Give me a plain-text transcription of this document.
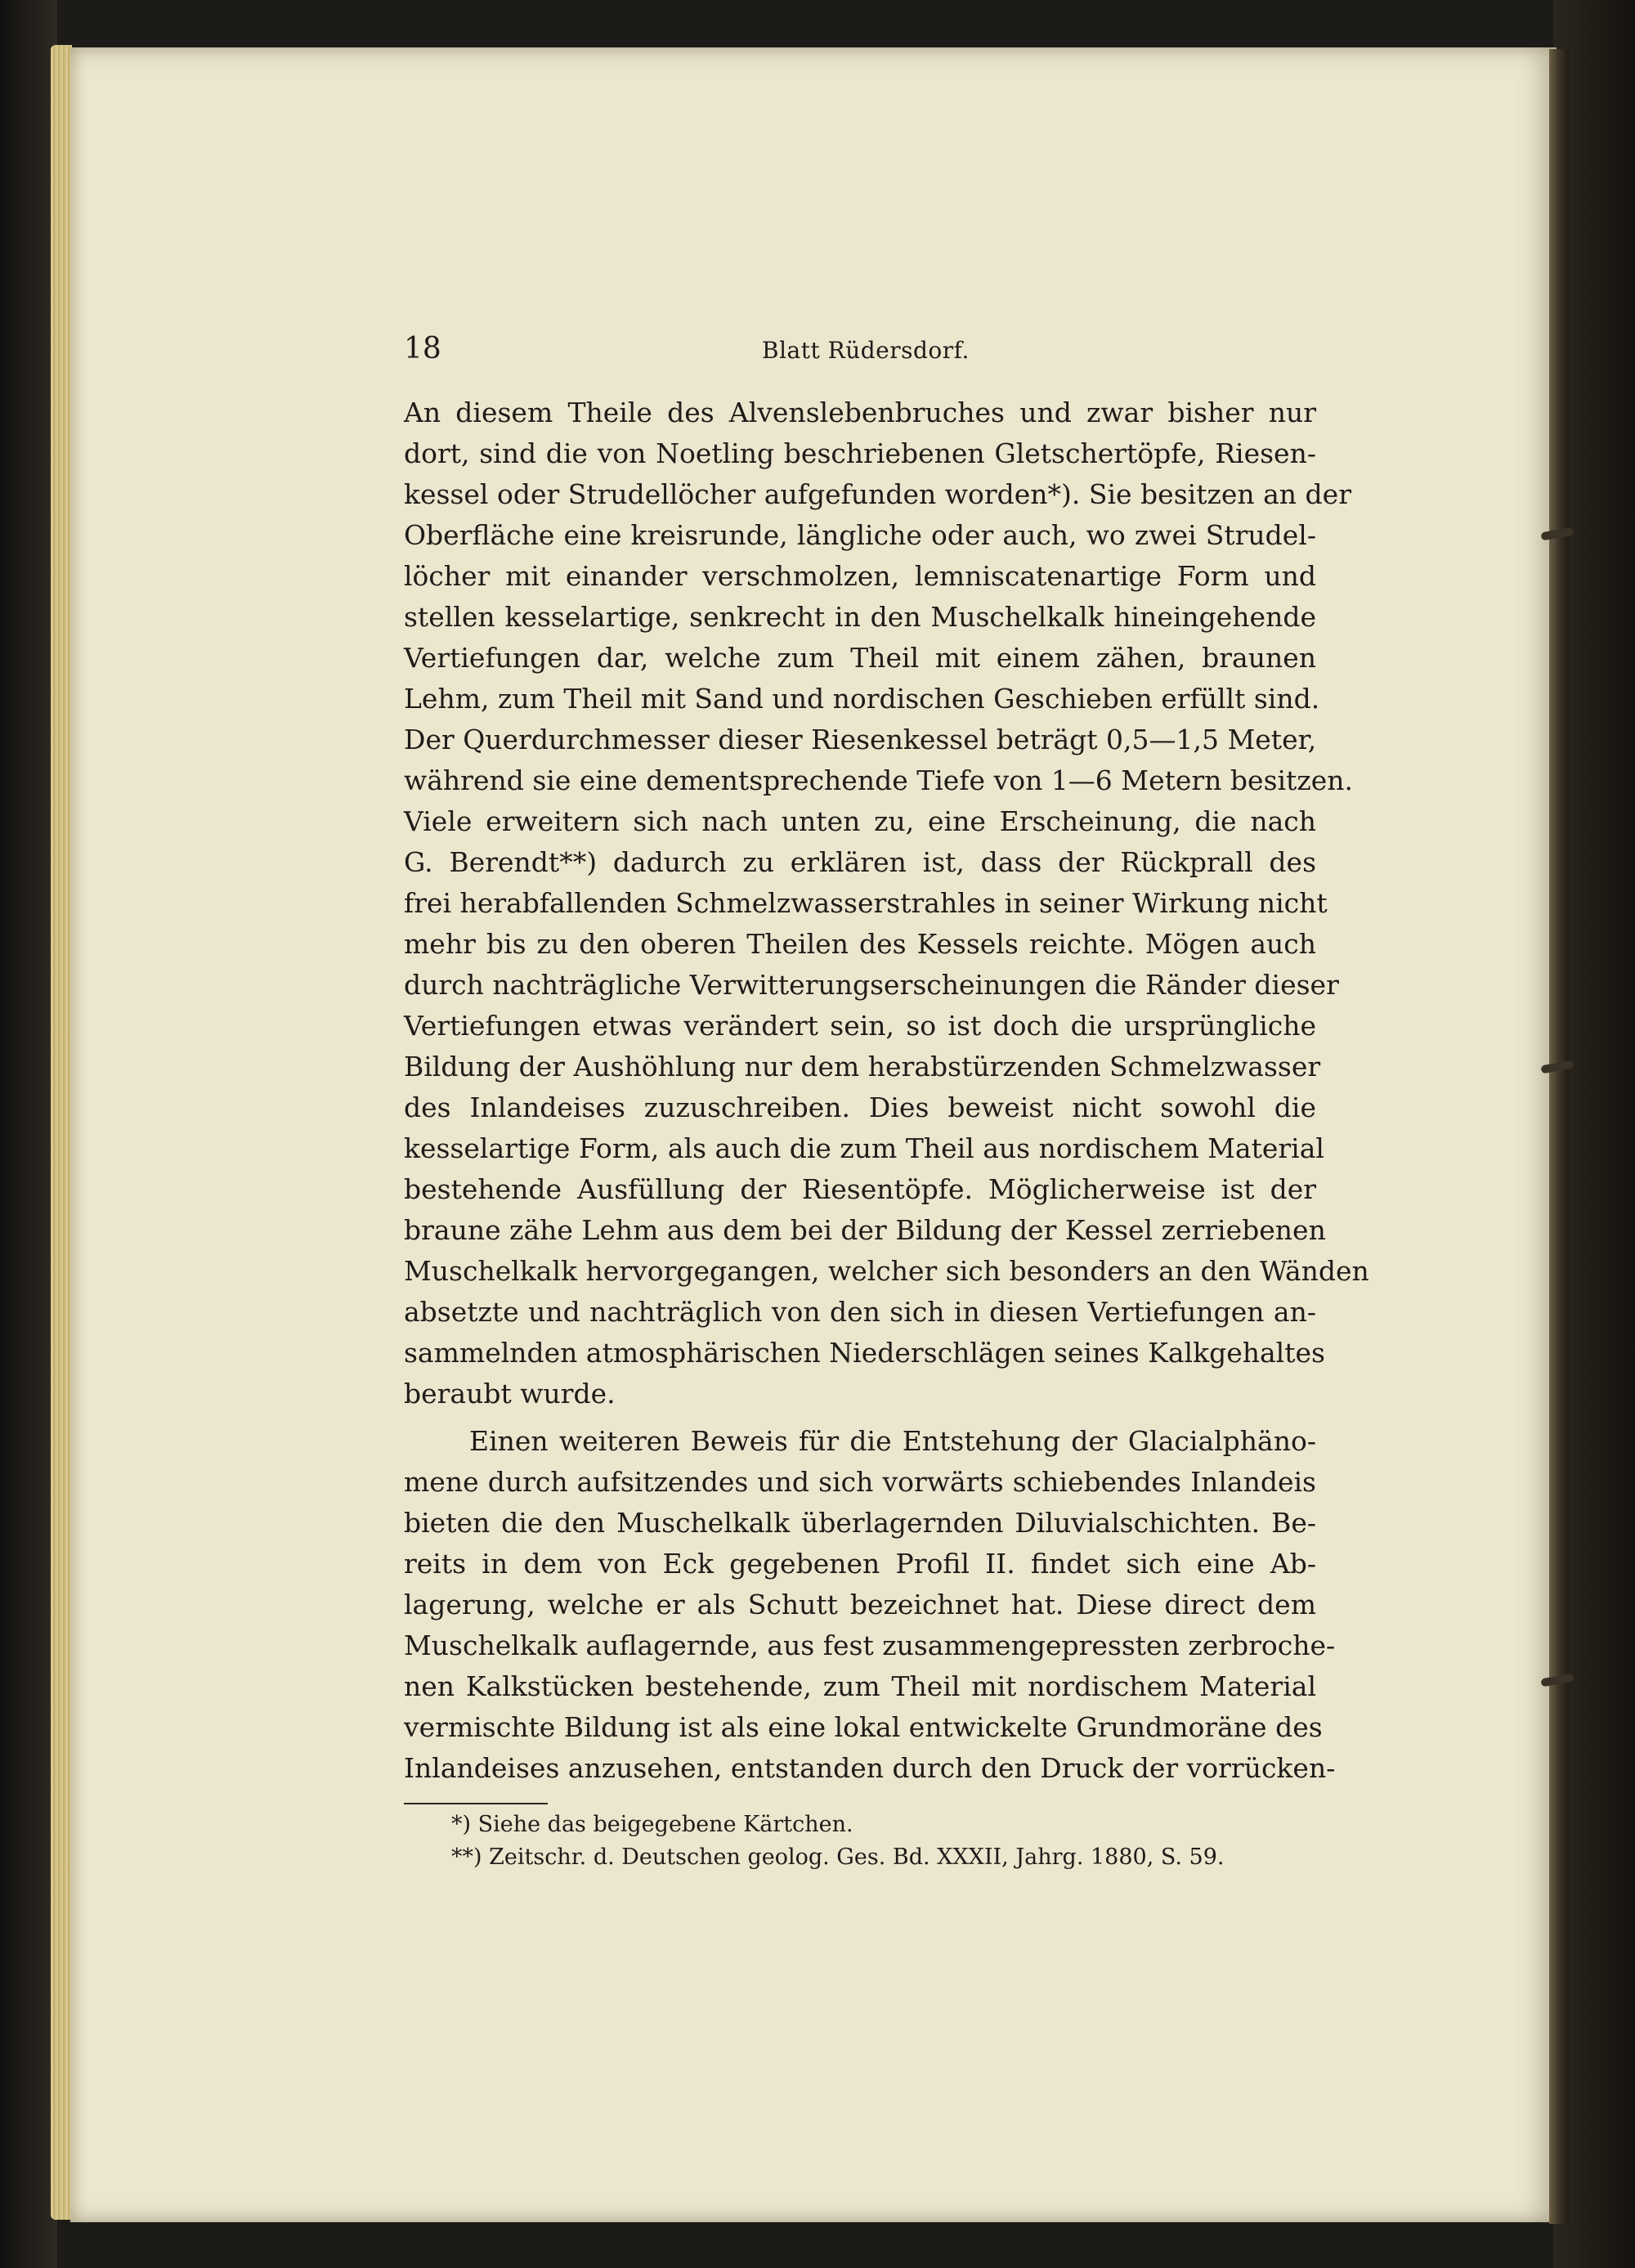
18	Blatt Rüdersdorf.
An diesem Theile des Alvenslebenbruches und zwar bisher nur
dort, sind die von Noetling beschriebenen Gletschertöpfe, Riesen-
kessel oder Strudellöcher aufgefunden worden*). Sie besitzen an der
Oberfläche eine kreisrunde, längliche oder auch, wo zwei Strudel-
löcher mit einander verschmolzen, lemniscatenartige Form und
stellen kesselartige, senkrecht in den Muschelkalk hineingehende
Vertiefungen dar, welche zum Theil mit einem zähen, braunen
Lehm, zum Theil mit Sand und nordischen Geschieben erfüllt sind.
Der Querdurchmesser dieser Riesenkessel beträgt 0,5—1,5 Meter,
während sie eine dementsprechende Tiefe von 1—6 Metern besitzen.
Viele erweitern sich nach unten zu, eine Erscheinung, die nach
G. Berendt**) dadurch zu erklären ist, dass der Rückprall des
frei herabfallenden Schmelzwasserstrahles in seiner Wirkung nicht
mehr bis zu den oberen Theilen des Kessels reichte. Mögen auch
durch nachträgliche Verwitterungserscheinungen die Ränder dieser
Vertiefungen etwas verändert sein, so ist doch die ursprüngliche
Bildung der Aushöhlung nur dem herabstürzenden Schmelzwasser
des Inlandeises zuzuschreiben. Dies beweist nicht sowohl die
kesselartige Form, als auch die zum Theil aus nordischem Material
bestehende Ausfüllung der Riesentöpfe. Möglicherweise ist der
braune zähe Lehm aus dem bei der Bildung der Kessel zerriebenen
Muschelkalk hervorgegangen, welcher sich besonders an den Wänden
absetzte und nachträglich von den sich in diesen Vertiefungen an-
sammelnden atmosphärischen Niederschlägen seines Kalkgehaltes
beraubt wurde.
Einen weiteren Beweis für die Entstehung der Glacialphäno-
mene durch aufsitzendes und sich vorwärts schiebendes Inlandeis
bieten die den Muschelkalk überlagernden Diluvialschichten. Be-
reits in dem von Eck gegebenen Profil II. findet sich eine Ab-
lagerung, welche er als Schutt bezeichnet hat. Diese direct dem
Muschelkalk auflagernde, aus fest zusammengepressten zerbroche-
nen Kalkstücken bestehende, zum Theil mit nordischem Material
vermischte Bildung ist als eine lokal entwickelte Grundmoräne des
Inlandeises anzusehen, entstanden durch den Druck der vorrücken-
*) Siehe das beigegebene Kärtchen.
**) Zeitschr. d. Deutschen geolog. Ges. Bd. XXXII, Jahrg. 1880, S. 59.
